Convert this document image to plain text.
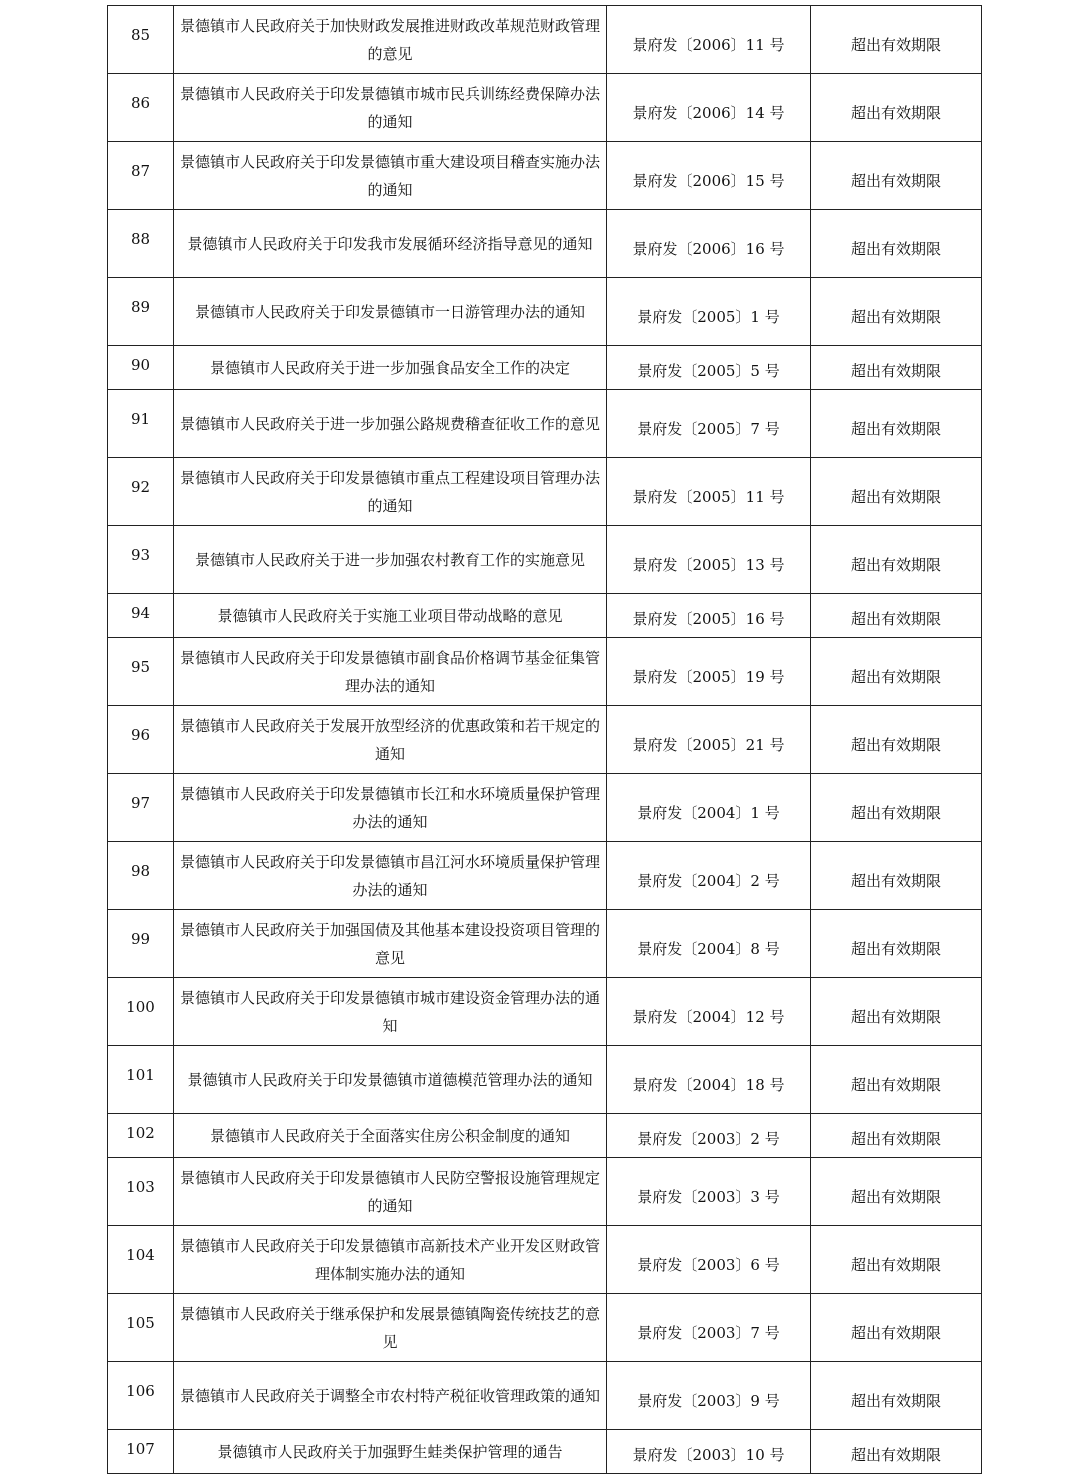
85	景德镇市人民政府关于加快财政发展推进财政改革规范财政管理的意见	景府发〔2006〕11 号	超出有效期限

86	景德镇市人民政府关于印发景德镇市城市民兵训练经费保障办法的通知	景府发〔2006〕14 号	超出有效期限

87	景德镇市人民政府关于印发景德镇市重大建设项目稽查实施办法的通知	景府发〔2006〕15 号	超出有效期限

88	景德镇市人民政府关于印发我市发展循环经济指导意见的通知	景府发〔2006〕16 号	超出有效期限

89	景德镇市人民政府关于印发景德镇市一日游管理办法的通知	景府发〔2005〕1 号	超出有效期限

90	景德镇市人民政府关于进一步加强食品安全工作的决定	景府发〔2005〕5 号	超出有效期限

91	景德镇市人民政府关于进一步加强公路规费稽查征收工作的意见	景府发〔2005〕7 号	超出有效期限

92	景德镇市人民政府关于印发景德镇市重点工程建设项目管理办法的通知	景府发〔2005〕11 号	超出有效期限

93	景德镇市人民政府关于进一步加强农村教育工作的实施意见	景府发〔2005〕13 号	超出有效期限

94	景德镇市人民政府关于实施工业项目带动战略的意见	景府发〔2005〕16 号	超出有效期限

95	景德镇市人民政府关于印发景德镇市副食品价格调节基金征集管理办法的通知	景府发〔2005〕19 号	超出有效期限

96	景德镇市人民政府关于发展开放型经济的优惠政策和若干规定的通知	景府发〔2005〕21 号	超出有效期限

97	景德镇市人民政府关于印发景德镇市长江和水环境质量保护管理办法的通知	景府发〔2004〕1 号	超出有效期限

98	景德镇市人民政府关于印发景德镇市昌江河水环境质量保护管理办法的通知	景府发〔2004〕2 号	超出有效期限

99	景德镇市人民政府关于加强国债及其他基本建设投资项目管理的意见	景府发〔2004〕8 号	超出有效期限

100	景德镇市人民政府关于印发景德镇市城市建设资金管理办法的通知	景府发〔2004〕12 号	超出有效期限

101	景德镇市人民政府关于印发景德镇市道德模范管理办法的通知	景府发〔2004〕18 号	超出有效期限

102	景德镇市人民政府关于全面落实住房公积金制度的通知	景府发〔2003〕2 号	超出有效期限

103	景德镇市人民政府关于印发景德镇市人民防空警报设施管理规定的通知	景府发〔2003〕3 号	超出有效期限

104	景德镇市人民政府关于印发景德镇市高新技术产业开发区财政管理体制实施办法的通知	景府发〔2003〕6 号	超出有效期限

105	景德镇市人民政府关于继承保护和发展景德镇陶瓷传统技艺的意见	景府发〔2003〕7 号	超出有效期限

106	景德镇市人民政府关于调整全市农村特产税征收管理政策的通知	景府发〔2003〕9 号	超出有效期限

107	景德镇市人民政府关于加强野生蛙类保护管理的通告	景府发〔2003〕10 号	超出有效期限
